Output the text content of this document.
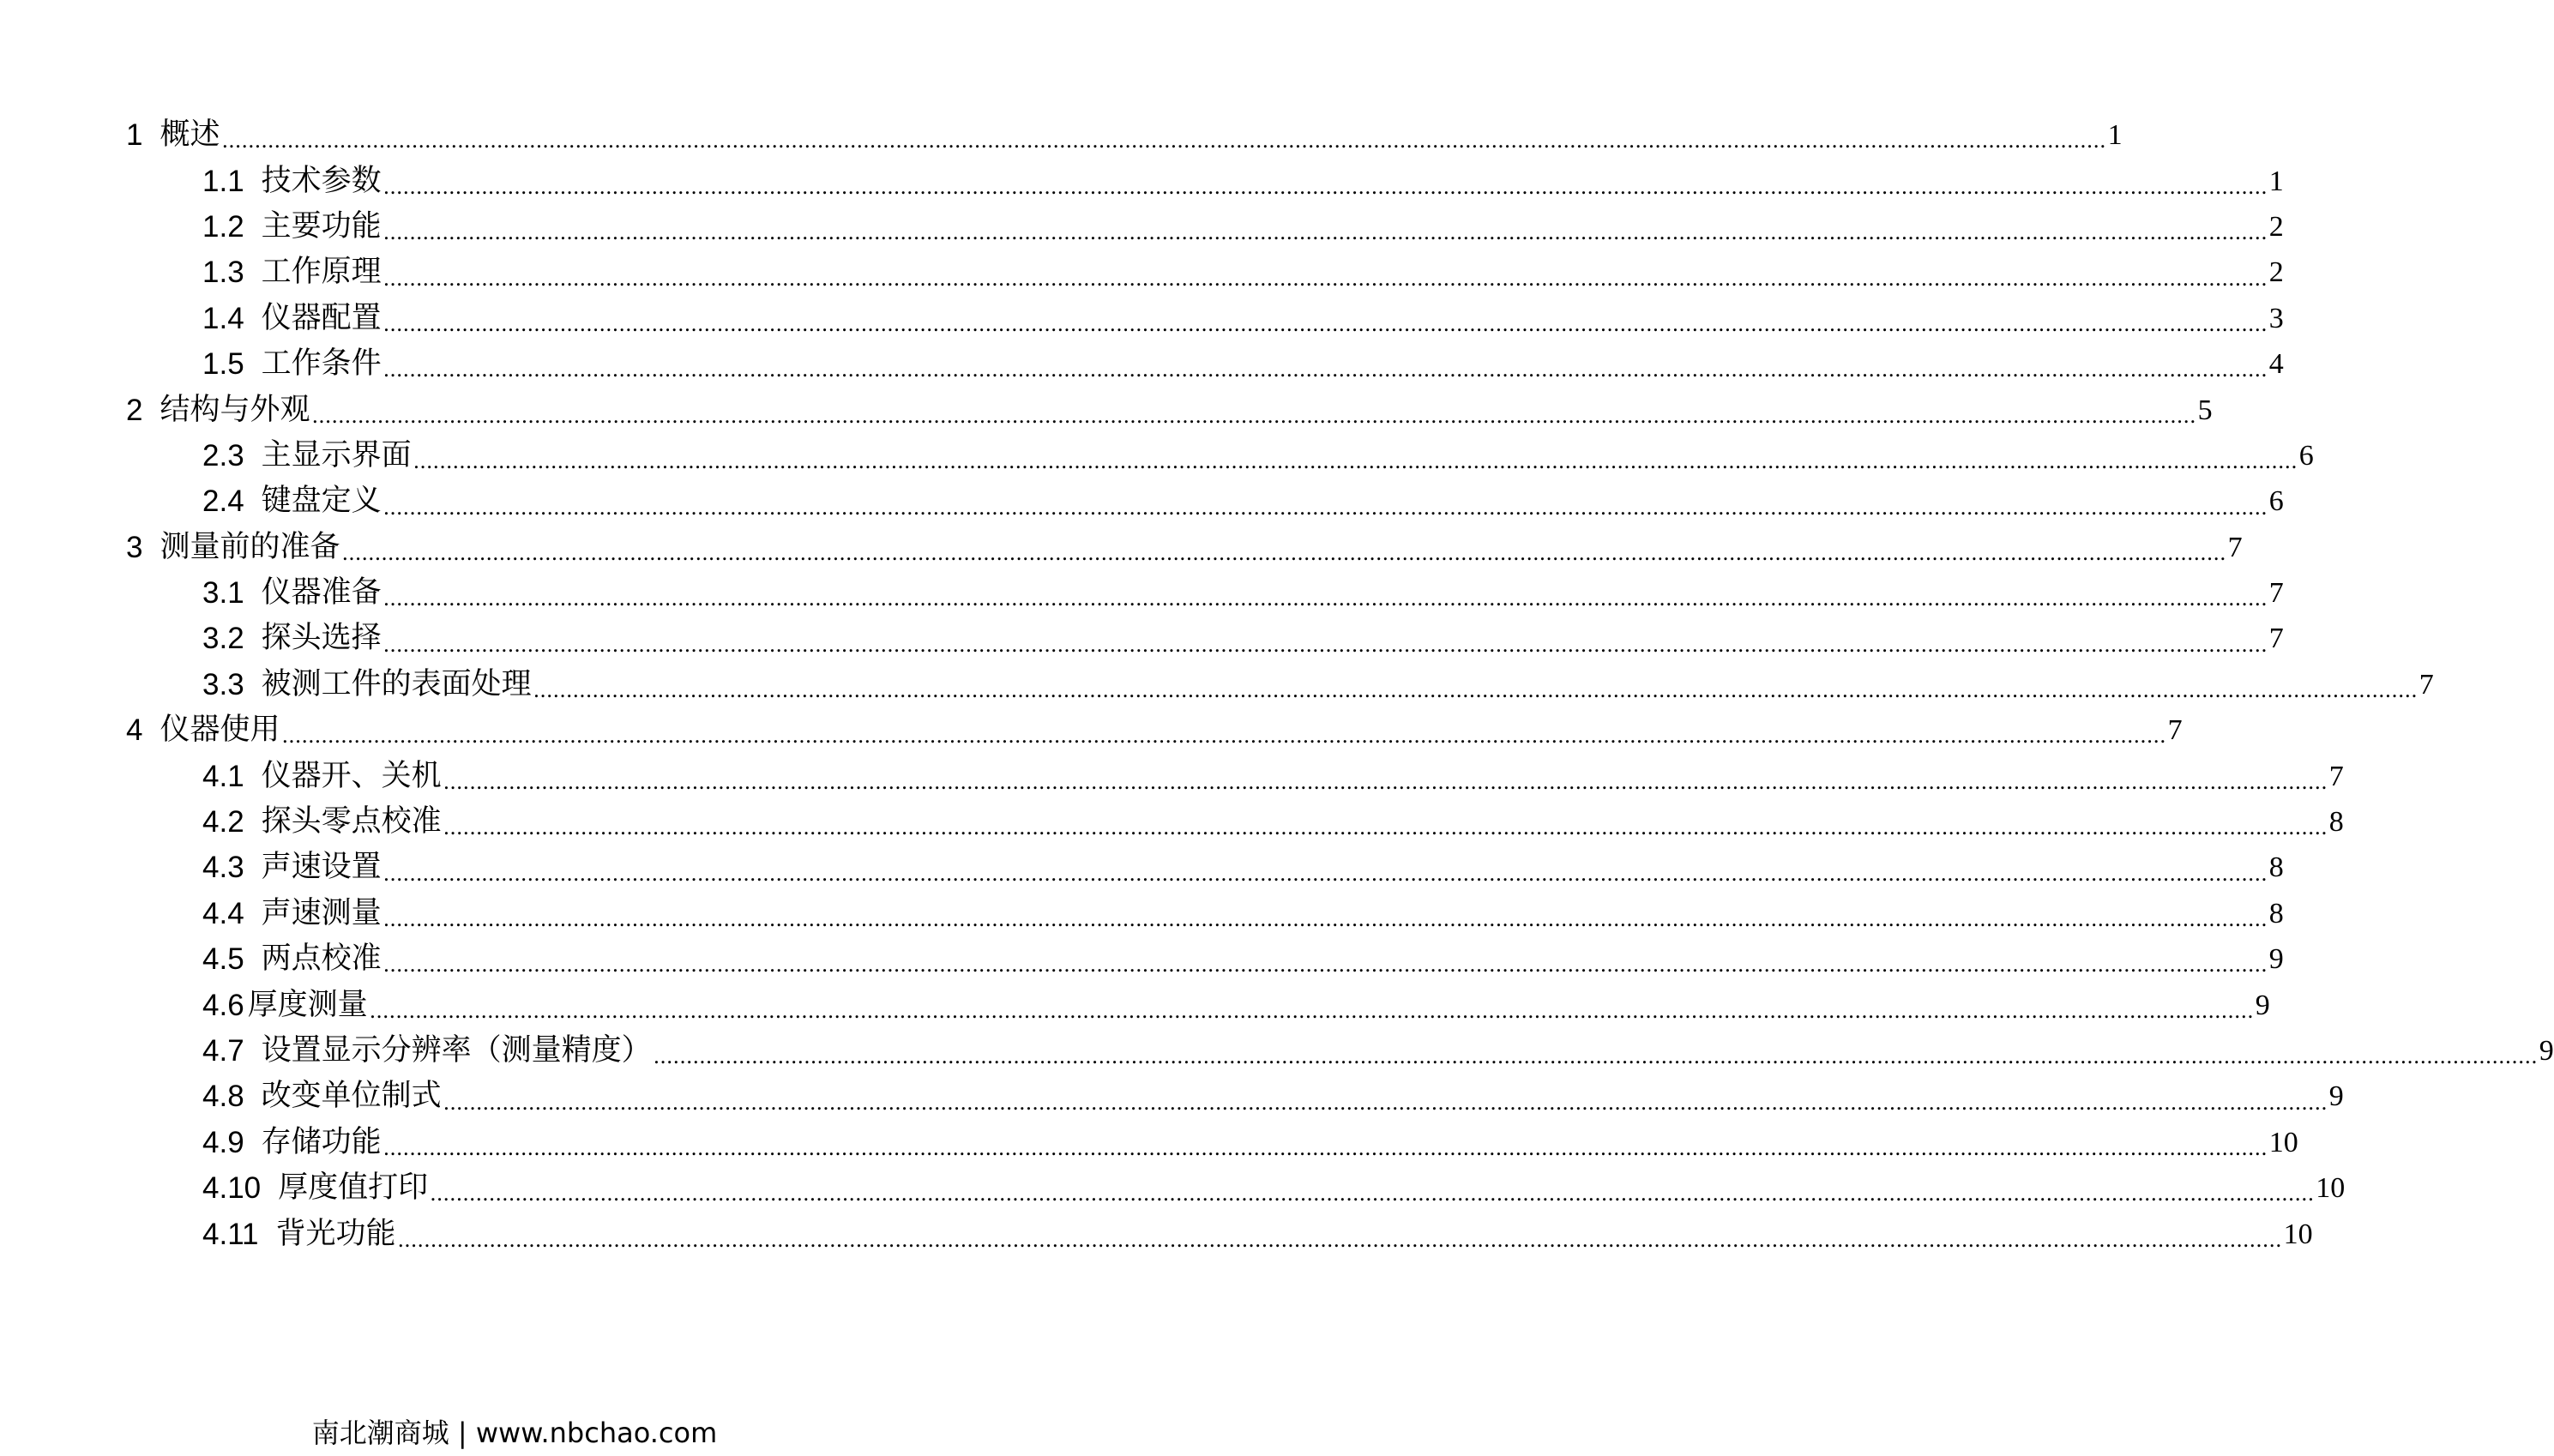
1 概述 ................................................................................................................................................................................................................................................................................................ 1
1.1 技术参数 ................................................................................................................................................................................................................................................................................................ 1
1.2 主要功能 ................................................................................................................................................................................................................................................................................................ 2
1.3 工作原理 ................................................................................................................................................................................................................................................................................................ 2
1.4 仪器配置 ................................................................................................................................................................................................................................................................................................ 3
1.5 工作条件 ................................................................................................................................................................................................................................................................................................ 4
2 结构与外观 ................................................................................................................................................................................................................................................................................................ 5
2.3 主显示界面 ................................................................................................................................................................................................................................................................................................ 6
2.4 键盘定义 ................................................................................................................................................................................................................................................................................................ 6
3 测量前的准备 ................................................................................................................................................................................................................................................................................................ 7
3.1 仪器准备 ................................................................................................................................................................................................................................................................................................ 7
3.2 探头选择 ................................................................................................................................................................................................................................................................................................ 7
3.3 被测工件的表面处理 ................................................................................................................................................................................................................................................................................................ 7
4 仪器使用 ................................................................................................................................................................................................................................................................................................ 7
4.1 仪器开、关机 ................................................................................................................................................................................................................................................................................................ 7
4.2 探头零点校准 ................................................................................................................................................................................................................................................................................................ 8
4.3 声速设置 ................................................................................................................................................................................................................................................................................................ 8
4.4 声速测量 ................................................................................................................................................................................................................................................................................................ 8
4.5 两点校准 ................................................................................................................................................................................................................................................................................................ 9
4.6 厚度测量 ................................................................................................................................................................................................................................................................................................ 9
4.7 设置显示分辨率（测量精度） ................................................................................................................................................................................................................................................................................................ 9
4.8 改变单位制式 ................................................................................................................................................................................................................................................................................................ 9
4.9 存储功能 ................................................................................................................................................................................................................................................................................................ 10
4.10 厚度值打印 ................................................................................................................................................................................................................................................................................................ 10
4.11 背光功能 ................................................................................................................................................................................................................................................................................................ 10
南北潮商城 | www.nbchao.com
